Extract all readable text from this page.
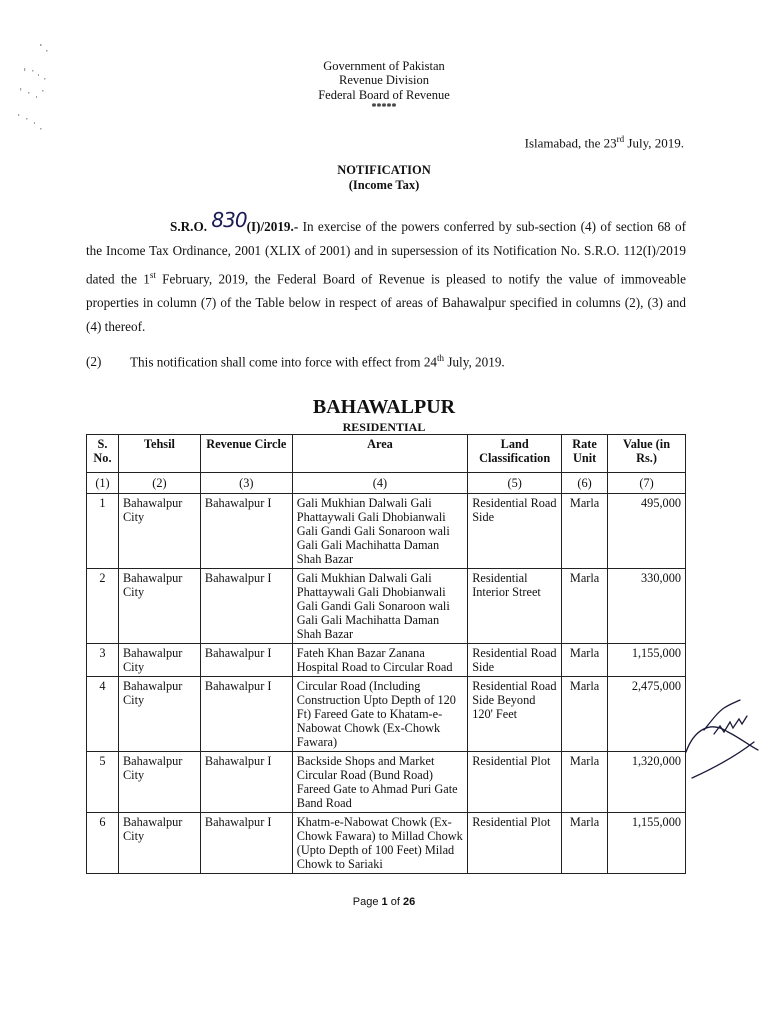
Government of Pakistan
Revenue Division
Federal Board of Revenue
*****
Islamabad, the 23rd July, 2019.
NOTIFICATION
(Income Tax)
S.R.O. 830(I)/2019.- In exercise of the powers conferred by sub-section (4) of section 68 of the Income Tax Ordinance, 2001 (XLIX of 2001) and in supersession of its Notification No. S.R.O. 112(I)/2019 dated the 1st February, 2019, the Federal Board of Revenue is pleased to notify the value of immoveable properties in column (7) of the Table below in respect of areas of Bahawalpur specified in columns (2), (3) and (4) thereof.
(2) This notification shall come into force with effect from 24th July, 2019.
BAHAWALPUR
RESIDENTIAL
S. No.	Tehsil	Revenue Circle	Area	Land Classification	Rate Unit	Value (in Rs.)
(1)	(2)	(3)	(4)	(5)	(6)	(7)
1	Bahawalpur City	Bahawalpur I	Gali Mukhian Dalwali Gali Phattaywali Gali Dhobianwali Gali Gandi Gali Sonaroon wali Gali Gali Machihatta Daman Shah Bazar	Residential Road Side	Marla	495,000
2	Bahawalpur City	Bahawalpur I	Gali Mukhian Dalwali Gali Phattaywali Gali Dhobianwali Gali Gandi Gali Sonaroon wali Gali Gali Machihatta Daman Shah Bazar	Residential Interior Street	Marla	330,000
3	Bahawalpur City	Bahawalpur I	Fateh Khan Bazar Zanana Hospital Road to Circular Road	Residential Road Side	Marla	1,155,000
4	Bahawalpur City	Bahawalpur I	Circular Road (Including Construction Upto Depth of 120 Ft) Fareed Gate to Khatam-e-Nabowat Chowk (Ex-Chowk Fawara)	Residential Road Side Beyond 120' Feet	Marla	2,475,000
5	Bahawalpur City	Bahawalpur I	Backside Shops and Market Circular Road (Bund Road) Fareed Gate to Ahmad Puri Gate Band Road	Residential Plot	Marla	1,320,000
6	Bahawalpur City	Bahawalpur I	Khatm-e-Nabowat Chowk (Ex-Chowk Fawara) to Millad Chowk (Upto Depth of 100 Feet) Milad Chowk to Sariaki	Residential Plot	Marla	1,155,000
Page 1 of 26
